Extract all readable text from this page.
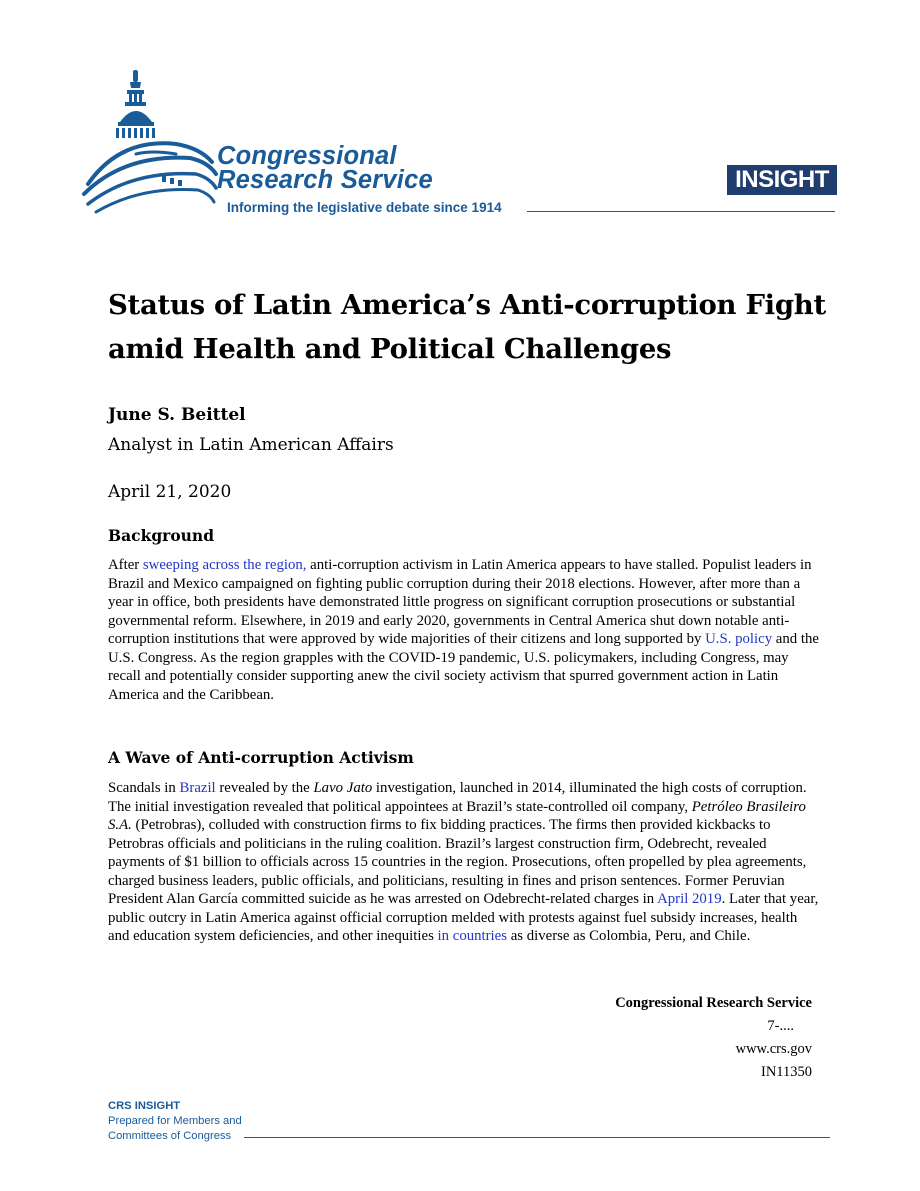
Congressional
Research Service
Informing the legislative debate since 1914
INSIGHT
Status of Latin America’s Anti-corruption Fight amid Health and Political Challenges
June S. Beittel
Analyst in Latin American Affairs
April 21, 2020
Background

After sweeping across the region, anti-corruption activism in Latin America appears to have stalled. Populist leaders in Brazil and Mexico campaigned on fighting public corruption during their 2018 elections. However, after more than a year in office, both presidents have demonstrated little progress on significant corruption prosecutions or substantial governmental reform. Elsewhere, in 2019 and early 2020, governments in Central America shut down notable anti-corruption institutions that were approved by wide majorities of their citizens and long supported by U.S. policy and the U.S. Congress. As the region grapples with the COVID-19 pandemic, U.S. policymakers, including Congress, may recall and potentially consider supporting anew the civil society activism that spurred government action in Latin America and the Caribbean.

A Wave of Anti-corruption Activism

Scandals in Brazil revealed by the Lavo Jato investigation, launched in 2014, illuminated the high costs of corruption. The initial investigation revealed that political appointees at Brazil’s state-controlled oil company, Petróleo Brasileiro S.A. (Petrobras), colluded with construction firms to fix bidding practices. The firms then provided kickbacks to Petrobras officials and politicians in the ruling coalition. Brazil’s largest construction firm, Odebrecht, revealed payments of $1 billion to officials across 15 countries in the region. Prosecutions, often propelled by plea agreements, charged business leaders, public officials, and politicians, resulting in fines and prison sentences. Former Peruvian President Alan García committed suicide as he was arrested on Odebrecht-related charges in April 2019. Later that year, public outcry in Latin America against official corruption melded with protests against fuel subsidy increases, health and education system deficiencies, and other inequities in countries as diverse as Colombia, Peru, and Chile.

Congressional Research Service
7-....
www.crs.gov
IN11350
CRS INSIGHT
Prepared for Members and
Committees of Congress
